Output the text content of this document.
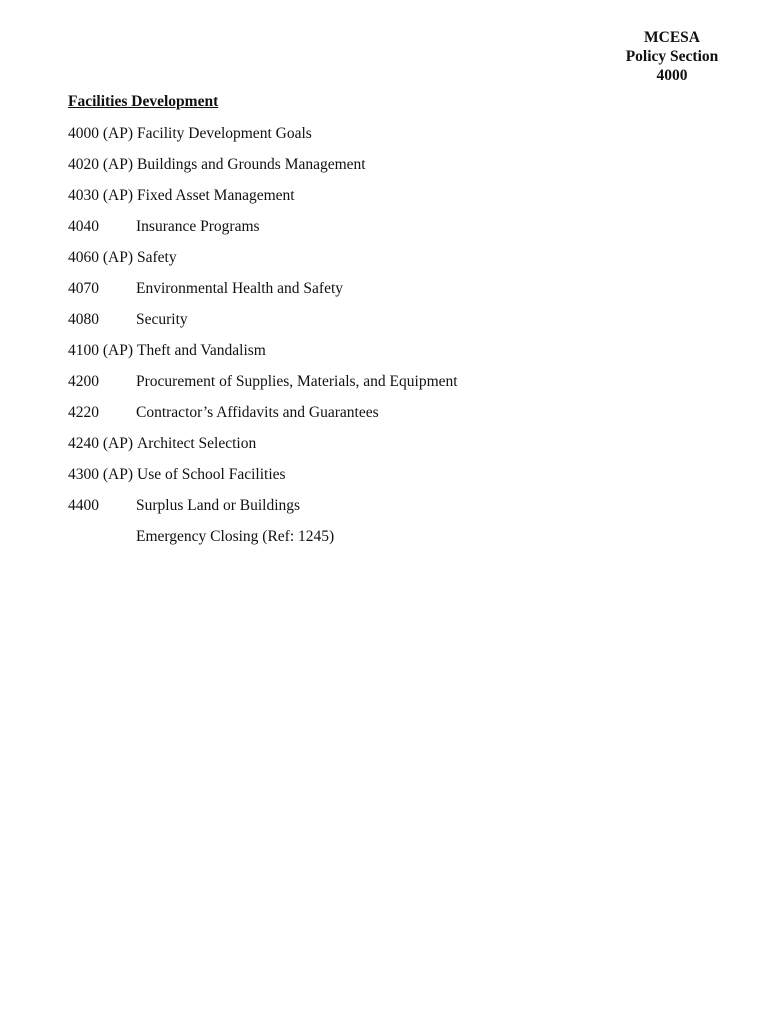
MCESA
Policy Section
4000
Facilities Development
4000 (AP) Facility Development Goals
4020 (AP) Buildings and Grounds Management
4030 (AP) Fixed Asset Management
4040 Insurance Programs
4060 (AP) Safety
4070 Environmental Health and Safety
4080 Security
4100 (AP) Theft and Vandalism
4200 Procurement of Supplies, Materials, and Equipment
4220 Contractor’s Affidavits and Guarantees
4240 (AP) Architect Selection
4300 (AP) Use of School Facilities
4400 Surplus Land or Buildings
Emergency Closing (Ref: 1245)
